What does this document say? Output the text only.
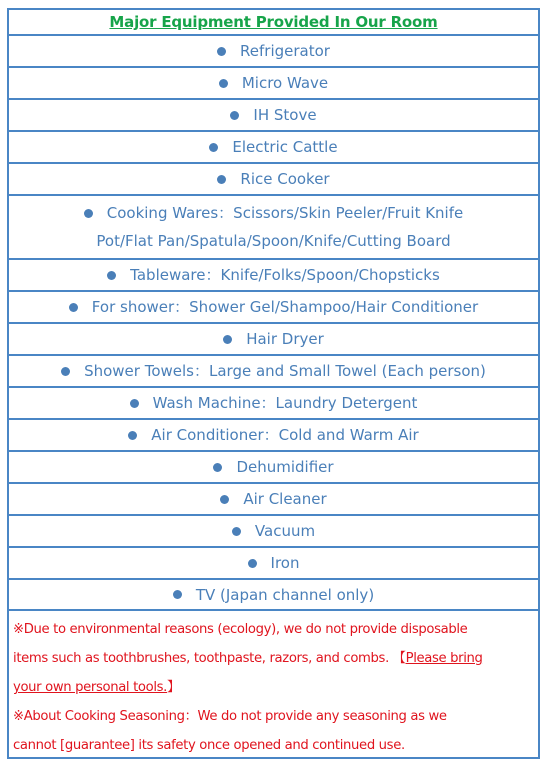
Major Equipment Provided In Our Room
Refrigerator
Micro Wave
IH Stove
Electric Cattle
Rice Cooker
Cooking Wares：Scissors/Skin Peeler/Fruit Knife
Pot/Flat Pan/Spatula/Spoon/Knife/Cutting Board
Tableware：Knife/Folks/Spoon/Chopsticks
For shower：Shower Gel/Shampoo/Hair Conditioner
Hair Dryer
Shower Towels：Large and Small Towel (Each person)
Wash Machine：Laundry Detergent
Air Conditioner：Cold and Warm Air
Dehumidifier
Air Cleaner
Vacuum
Iron
TV (Japan channel only)
※Due to environmental reasons (ecology), we do not provide disposable
items such as toothbrushes, toothpaste, razors, and combs. 【Please bring
your own personal tools.】
※About Cooking Seasoning：We do not provide any seasoning as we
cannot [guarantee] its safety once opened and continued use.
